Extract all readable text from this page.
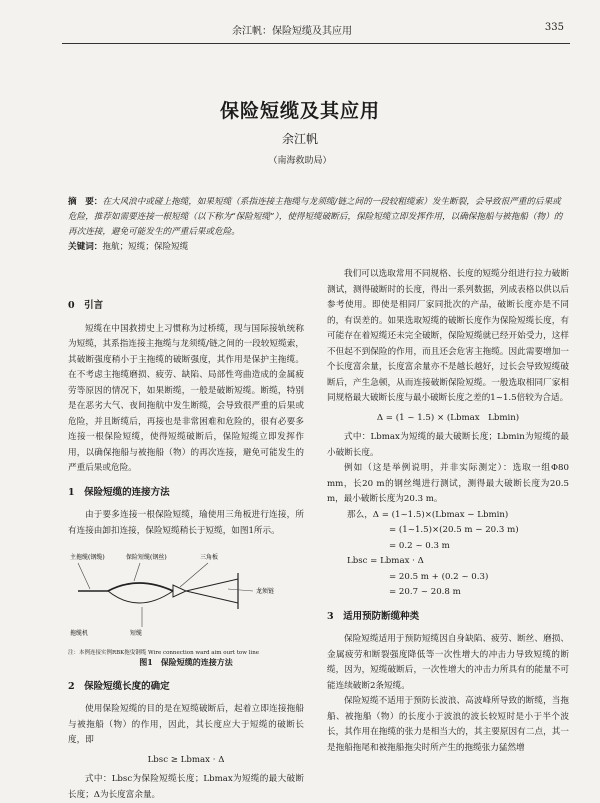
余江帆：保险短缆及其应用	335
保险短缆及其应用
余江帆
（南海救助局）
摘　要：在大风浪中或碰上拖缆，如果短缆（系指连接主拖缆与龙须缆/链之间的一段较粗缆索）发生断裂，会导致很严重的后果或危险，推荐如需要连接一根短缆（以下称为“保险短缆”），使得短缆破断后，保险短缆立即发挥作用，以确保拖船与被拖船（物）的再次连接，避免可能发生的严重后果或危险。
关键词：拖航；短缆；保险短缆
0　引言

短缆在中国救捞史上习惯称为过桥缆，现与国际接轨统称为短缆，其系指连接主拖缆与龙须缆/链之间的一段较短缆索，其破断强度稍小于主拖缆的破断强度，其作用是保护主拖缆。在不考虑主拖缆磨损、疲劳、缺陷、局部性弯曲造成的金属疲劳等原因的情况下，如果断缆，一般是破断短缆。断缆，特别是在恶劣大气、夜间拖航中发生断缆，会导致很严重的后果或危险，并且断缆后，再接也是非常困难和危险的，很有必要多连接一根保险短缆，使得短缆破断后，保险短缆立即发挥作用，以确保拖船与被拖船（物）的再次连接，避免可能发生的严重后果或危险。

1　保险短缆的连接方法

由于要多连接一根保险短缆，瑜使用三角板进行连接，所有连接由卸扣连接，保险短缆稍长于短缆，如图1所示。

主拖缆(钢缆)	保险短缆(钢丝)	三角板
龙须链
短缆
拖缆机
注：本例连接实例RBK拖曳钢缆 Wire connection ward aim ourt tow line
图1　保险短缆的连接方法
2　保险短缆长度的确定

使用保险短缆的目的是在短缆破断后，起着立即连接拖船与被拖船（物）的作用，因此，其长度应大于短缆的破断长度，即

Lbsc ≥ Lbmax · Δ

式中：Lbsc为保险短缆长度；Lbmax为短缆的最大破断长度；Δ为长度富余量。

我们可以选取常用不同规格、长度的短缆分组进行拉力破断测试，测得破断时的长度，得出一系列数据，列成表格以供以后参考使用。即使是相同厂家同批次的产品，破断长度亦是不同的，有误差的。如果选取短缆的破断长度作为保险短缆长度，有可能存在着短缆还未完全破断，保险短缆就已经开始受力，这样不但起不到保险的作用，而且还会危害主拖缆。因此需要增加一个长度富余量，长度富余量亦不是越长越好，过长会导致短缆破断后，产生急顿，从而连接破断保险短缆。一般选取相同厂家相同规格最大破断长度与最小破断长度之差的1~1.5倍较为合适。

Δ = (1 ~ 1.5) × (Lbmax　Lbmin)

式中：Lbmax为短缆的最大破断长度；Lbmin为短缆的最小破断长度。

例如（这是举例说明，并非实际测定）：选取一组Φ80 mm，长20 m的钢丝绳进行测试，测得最大破断长度为20.5 m，最小破断长度为20.3 m。

那么，Δ = (1~1.5)×(Lbmax − Lbmin)

= (1~1.5)×(20.5 m − 20.3 m)

= 0.2 ~ 0.3 m

Lbsc = Lbmax · Δ

= 20.5 m + (0.2 ~ 0.3)

= 20.7 ~ 20.8 m

3　适用预防断缆种类

保险短缆适用于预防短缆因自身缺陷、疲劳、断丝、磨损、金属疲劳和断裂强度降低等一次性增大的冲击力导致短缆的断缆，因为，短缆破断后，一次性增大的冲击力所具有的能量不可能连续破断2条短缆。

保险短缆不适用于预防长波浪、高波峰所导致的断缆，当拖船、被拖船（物）的长度小于波浪的波长较短时是小于半个波长，其作用在拖缆的张力是相当大的，其主要原因有二点，其一是拖船拖尾和被拖船拖尖时所产生的拖缆张力猛然增
